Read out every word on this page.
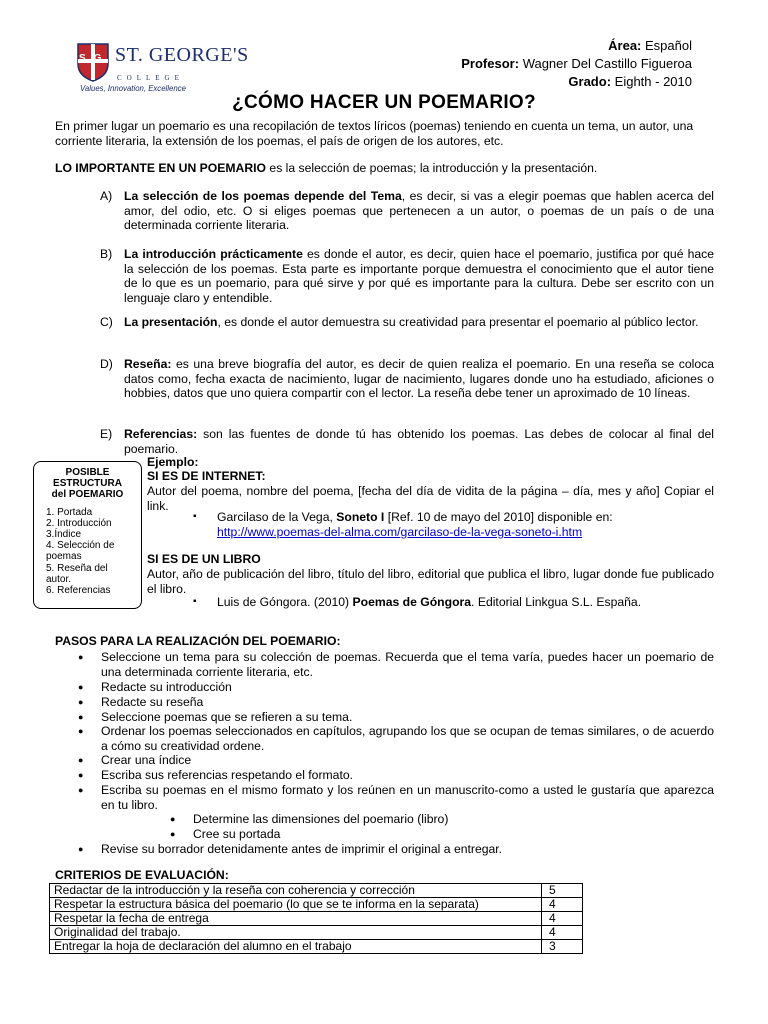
SG ST. GEORGE'S
COLLEGE
Values, Innovation, Excellence
Área: Español
Profesor: Wagner Del Castillo Figueroa
Grado: Eighth - 2010
¿CÓMO HACER UN POEMARIO?
En primer lugar un poemario es una recopilación de textos líricos (poemas) teniendo en cuenta un tema, un autor, una corriente literaria, la extensión de los poemas, el país de origen de los autores, etc.
LO IMPORTANTE EN UN POEMARIO es la selección de poemas; la introducción y la presentación.
A) La selección de los poemas depende del Tema, es decir, si vas a elegir poemas que hablen acerca del amor, del odio, etc. O si eliges poemas que pertenecen a un autor, o poemas de un país o de una determinada corriente literaria.
B) La introducción prácticamente es donde el autor, es decir, quien hace el poemario, justifica por qué hace la selección de los poemas. Esta parte es importante porque demuestra el conocimiento que el autor tiene de lo que es un poemario, para qué sirve y por qué es importante para la cultura. Debe ser escrito con un lenguaje claro y entendible.
C) La presentación, es donde el autor demuestra su creatividad para presentar el poemario al público lector.
D) Reseña: es una breve biografía del autor, es decir de quien realiza el poemario. En una reseña se coloca datos como, fecha exacta de nacimiento, lugar de nacimiento, lugares donde uno ha estudiado, aficiones o hobbies, datos que uno quiera compartir con el lector. La reseña debe tener un aproximado de 10 líneas.
E) Referencias: son las fuentes de donde tú has obtenido los poemas. Las debes de colocar al final del poemario.
POSIBLE
ESTRUCTURA
del POEMARIO
1. Portada
2. Introducción
3.Índice
4. Selección de
poemas
5. Reseña del
autor.
6. Referencias
Ejemplo:
SI ES DE INTERNET:
Autor del poema, nombre del poema, [fecha del día de vidita de la página – día, mes y año] Copiar el link.
▪ Garcilaso de la Vega, Soneto I [Ref. 10 de mayo del 2010] disponible en:
http://www.poemas-del-alma.com/garcilaso-de-la-vega-soneto-i.htm
SI ES DE UN LIBRO
Autor, año de publicación del libro, título del libro, editorial que publica el libro, lugar donde fue publicado el libro.
▪ Luis de Góngora. (2010) Poemas de Góngora. Editorial Linkgua S.L. España.
PASOS PARA LA REALIZACIÓN DEL POEMARIO:
● Seleccione un tema para su colección de poemas. Recuerda que el tema varía, puedes hacer un poemario de una determinada corriente literaria, etc.
● Redacte su introducción
● Redacte su reseña
● Seleccione poemas que se refieren a su tema.
● Ordenar los poemas seleccionados en capítulos, agrupando los que se ocupan de temas similares, o de acuerdo a cómo su creatividad ordene.
● Crear una índice
● Escriba sus referencias respetando el formato.
● Escriba su poemas en el mismo formato y los reúnen en un manuscrito-como a usted le gustaría que aparezca en tu libro.
● Determine las dimensiones del poemario (libro)
● Cree su portada
● Revise su borrador detenidamente antes de imprimir el original a entregar.
CRITERIOS DE EVALUACIÓN:
Redactar de la introducción y la reseña con coherencia y corrección	5
Respetar la estructura básica del poemario (lo que se te informa en la separata)	4
Respetar la fecha de entrega	4
Originalidad del trabajo.	4
Entregar la hoja de declaración del alumno en el trabajo	3
